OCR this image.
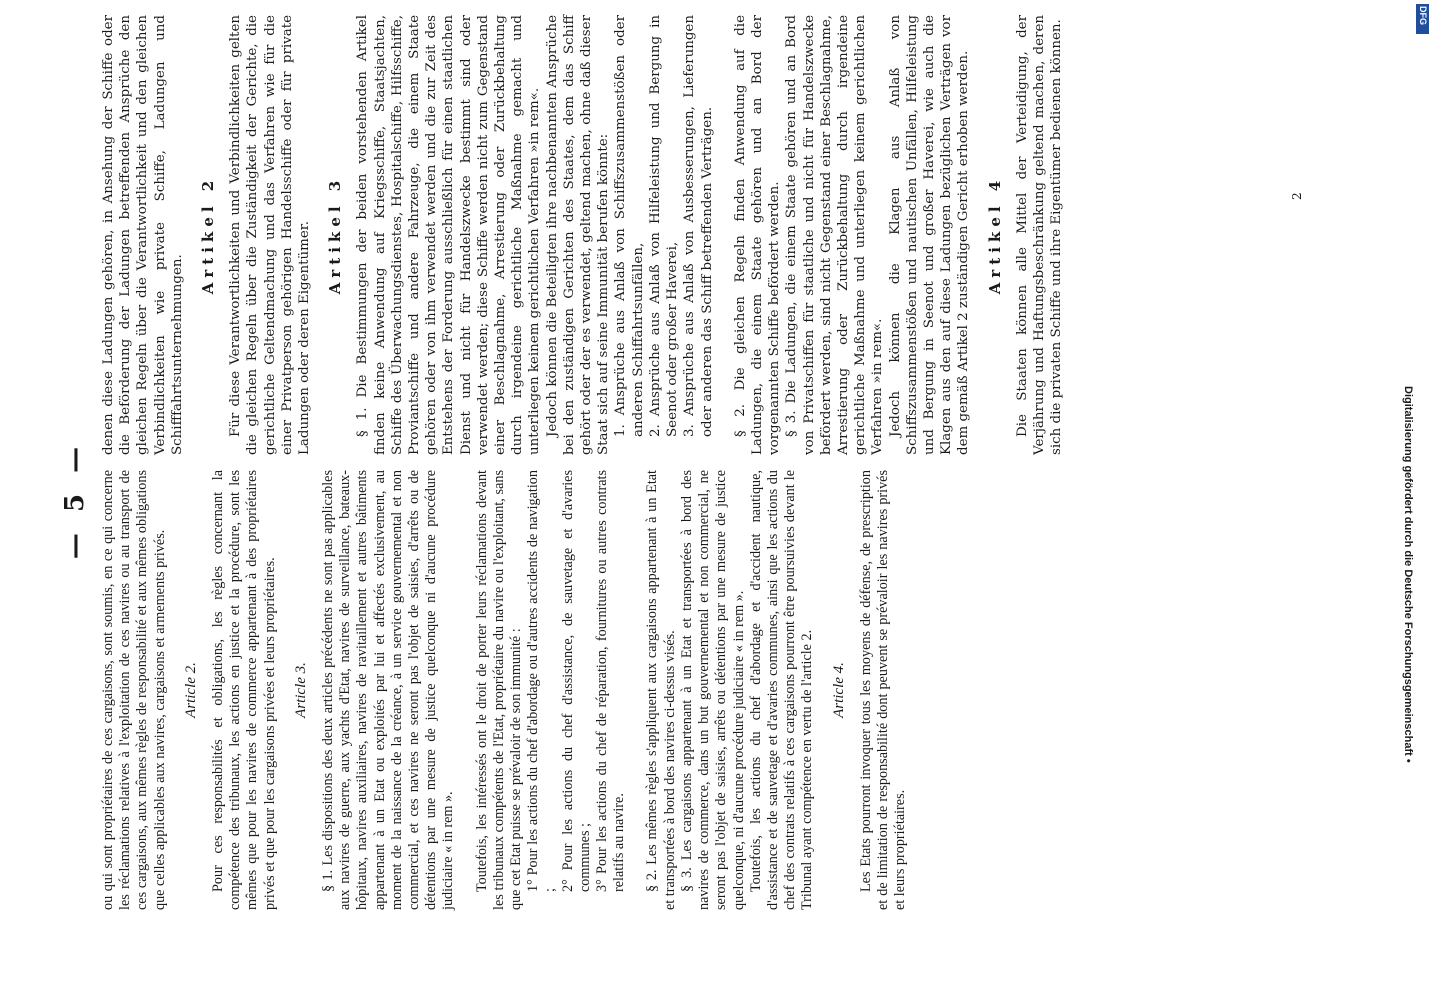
— 5 — ou qui sont propriétaires de ces cargaisons, sont soumis, en ce qui concerne les réclamations relatives à l'exploitation de ces navires ou au transport de ces cargaisons, aux mêmes règles de responsabilité et aux mêmes obligations que celles applicables aux navires, cargaisons et armements privés. Article 2. Pour ces responsabilités et obligations, les règles concernant la compétence des tribunaux, les actions en justice et la procédure, sont les mêmes que pour les navires de commerce appartenant à des propriétaires privés et que pour les cargaisons privées et leurs propriétaires. Article 3. § 1. Les dispositions des deux articles précédents ne sont pas applicables aux navires de guerre, aux yachts d'Etat, navires de surveillance, bateaux-hôpitaux, navires auxiliaires, navires de ravitaillement et autres bâtiments appartenant à un Etat ou exploités par lui et affectés exclusivement, au moment de la naissance de la créance, à un service gouvernemental et non commercial, et ces navires ne seront pas l'objet de saisies, d'arrêts ou de détentions par une mesure de justice quelconque ni d'aucune procédure judiciaire « in rem ». Toutefois, les intéressés ont le droit de porter leurs réclamations devant les tribunaux compétents de l'Etat, propriétaire du navire ou l'exploitant, sans que cet Etat puisse se prévaloir de son immunité : 1° Pour les actions du chef d'abordage ou d'autres accidents de navigation ; 2° Pour les actions du chef d'assistance, de sauvetage et d'avaries communes ; 3° Pour les actions du chef de réparation, fournitures ou autres contrats relatifs au navire. § 2. Les mêmes règles s'appliquent aux cargaisons appartenant à un Etat et transportées à bord des navires ci-dessus visés. § 3. Les cargaisons appartenant à un Etat et transportées à bord des navires de commerce, dans un but gouvernemental et non commercial, ne seront pas l'objet de saisies, arrêts ou détentions par une mesure de justice quelconque, ni d'aucune procédure judiciaire « in rem ». Toutefois, les actions du chef d'abordage et d'accident nautique, d'assistance et de sauvetage et d'avaries communes, ainsi que les actions du chef des contrats relatifs à ces cargaisons pourront être poursuivies devant le Tribunal ayant compétence en vertu de l'article 2. Article 4. Les Etats pourront invoquer tous les moyens de défense, de prescription et de limitation de responsabilité dont peuvent se prévaloir les navires privés et leurs propriétaires.

denen diese Ladungen gehören, in Ansehung der Schiffe oder die Beförderung der Ladungen betreffenden Ansprüche den gleichen Regeln über die Verantwortlichkeit und den gleichen Verbindlichkeiten wie private Schiffe, Ladungen und Schifffahrtsunternehmungen.

Artikel 2 Für diese Verantwortlichkeiten und Verbindlichkeiten gelten die gleichen Regeln über die Zuständigkeit der Gerichte, die gerichtliche Geltendmachung und das Verfahren wie für die einer Privatperson gehörigen Handelsschiffe oder für private Ladungen oder deren Eigentümer. Artikel 3 § 1. Die Bestimmungen der beiden vorstehenden Artikel finden keine Anwendung auf Kriegsschiffe, Staatsjachten, Schiffe des Überwachungsdienstes, Hospitalschiffe, Hilfsschiffe, Proviantschiffe und andere Fahrzeuge, die einem Staate gehören oder von ihm verwendet werden und die zur Zeit des Entstehens der Forderung ausschließlich für einen staatlichen Dienst und nicht für Handelszwecke bestimmt sind oder verwendet werden; diese Schiffe werden nicht zum Gegenstand einer Beschlagnahme, Arrestierung oder Zurückbehaltung durch irgendeine gerichtliche Maßnahme gemacht und unterliegen keinem gerichtlichen Verfahren »in rem«. Jedoch können die Beteiligten ihre nachbenannten Ansprüche bei den zuständigen Gerichten des Staates, dem das Schiff gehört oder der es verwendet, geltend machen, ohne daß dieser Staat sich auf seine Immunität berufen könnte: 1. Ansprüche aus Anlaß von Schiffszusammenstößen oder anderen Schiffahrtsunfällen, 2. Ansprüche aus Anlaß von Hilfeleistung und Bergung in Seenot oder großer Haverei, 3. Ansprüche aus Anlaß von Ausbesserungen, Lieferungen oder anderen das Schiff betreffenden Verträgen. § 2. Die gleichen Regeln finden Anwendung auf die Ladungen, die einem Staate gehören und an Bord der vorgenannten Schiffe befördert werden. § 3. Die Ladungen, die einem Staate gehören und an Bord von Privatschiffen für staatliche und nicht für Handelszwecke befördert werden, sind nicht Gegenstand einer Beschlagnahme, Arrestierung oder Zurückbehaltung durch irgendeine gerichtliche Maßnahme und unterliegen keinem gerichtlichen Verfahren »in rem«. Jedoch können die Klagen aus Anlaß von Schiffszusammenstößen und nautischen Unfällen, Hilfeleistung und Bergung in Seenot und großer Haverei, wie auch die Klagen aus den auf diese Ladungen bezüglichen Verträgen vor dem gemäß Artikel 2 zuständigen Gericht erhoben werden. Artikel 4 Die Staaten können alle Mittel der Verteidigung, der Verjährung und Haftungsbeschränkung geltend machen, deren sich die privaten Schiffe und ihre Eigentümer bedienen können.	2
Digitalisierung gefördert durch die Deutsche Forschungsgemeinschaft •
DFG
